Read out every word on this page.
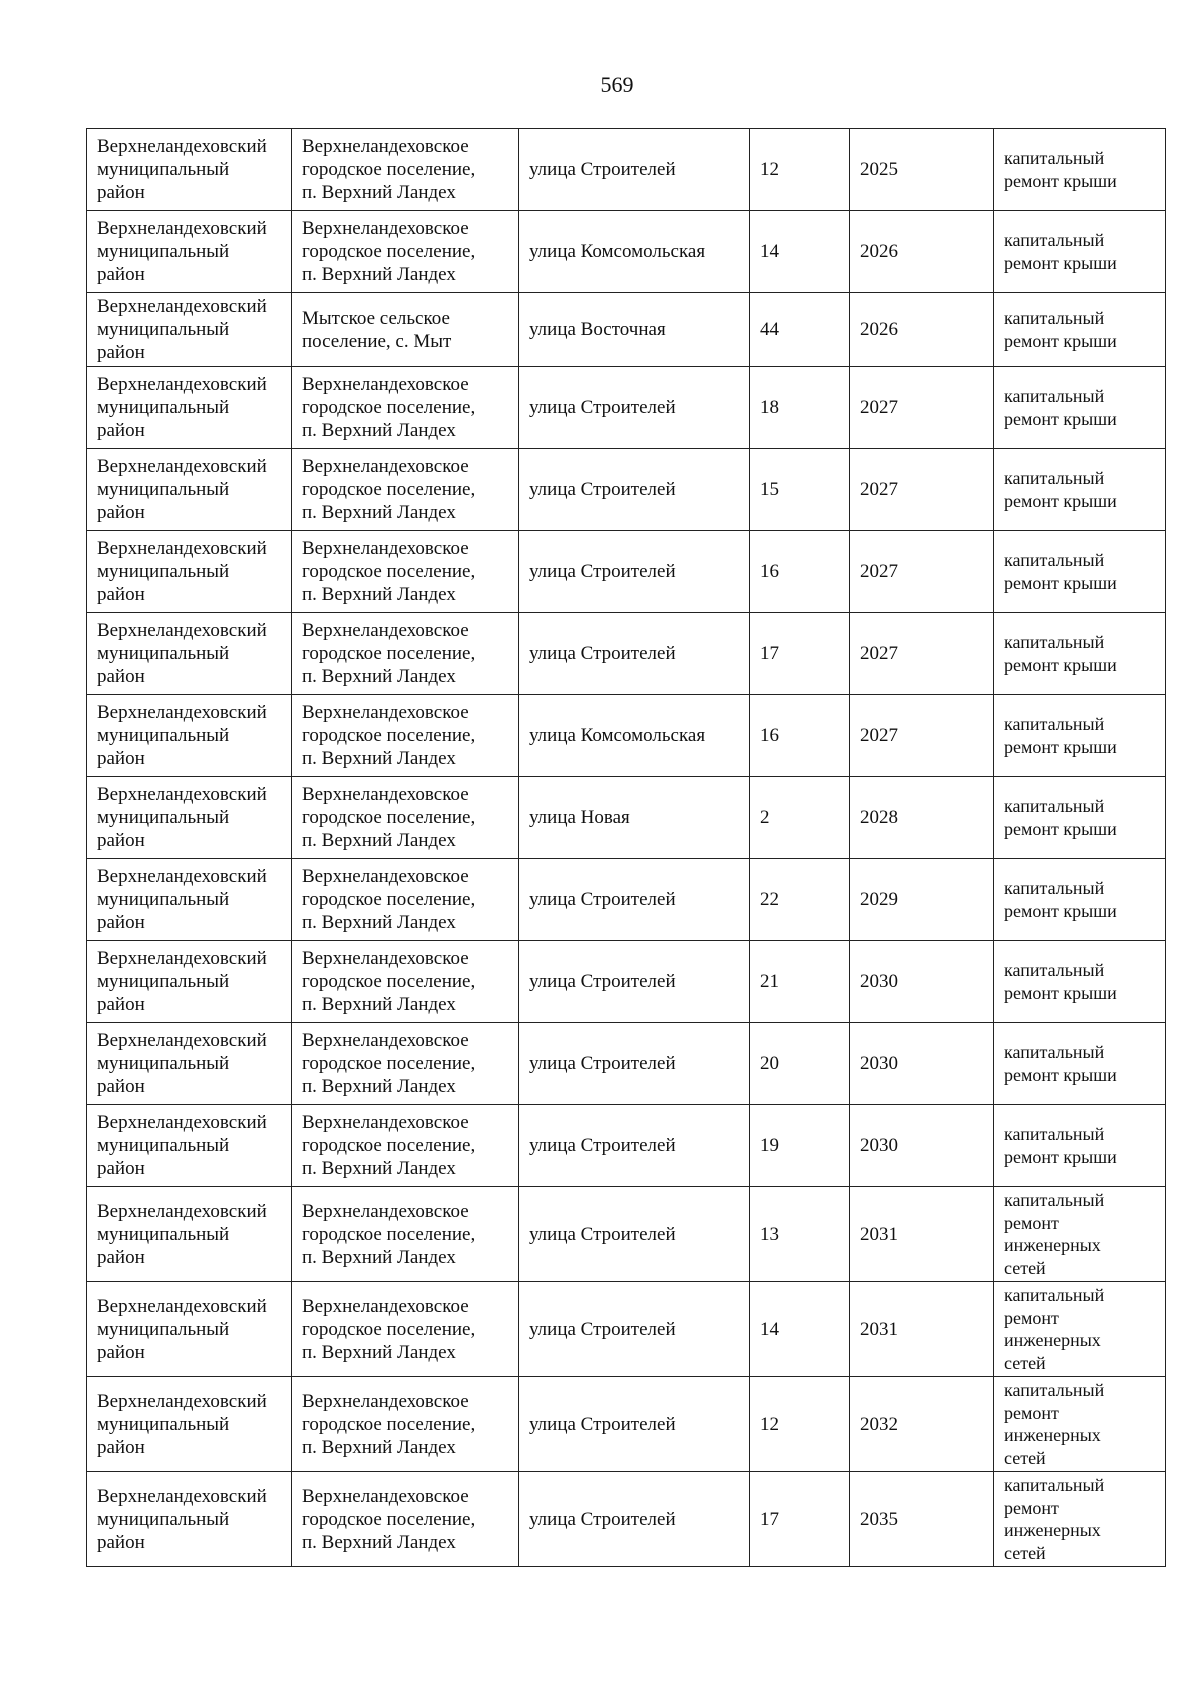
569
Верхнеландеховский
муниципальный
район	Верхнеландеховское
городское поселение,
п. Верхний Ландех	улица Строителей	12	2025	капитальный
ремонт крыши
Верхнеландеховский
муниципальный
район	Верхнеландеховское
городское поселение,
п. Верхний Ландех	улица Комсомольская	14	2026	капитальный
ремонт крыши
Верхнеландеховский
муниципальный
район	Мытское сельское
поселение, с. Мыт	улица Восточная	44	2026	капитальный
ремонт крыши
Верхнеландеховский
муниципальный
район	Верхнеландеховское
городское поселение,
п. Верхний Ландех	улица Строителей	18	2027	капитальный
ремонт крыши
Верхнеландеховский
муниципальный
район	Верхнеландеховское
городское поселение,
п. Верхний Ландех	улица Строителей	15	2027	капитальный
ремонт крыши
Верхнеландеховский
муниципальный
район	Верхнеландеховское
городское поселение,
п. Верхний Ландех	улица Строителей	16	2027	капитальный
ремонт крыши
Верхнеландеховский
муниципальный
район	Верхнеландеховское
городское поселение,
п. Верхний Ландех	улица Строителей	17	2027	капитальный
ремонт крыши
Верхнеландеховский
муниципальный
район	Верхнеландеховское
городское поселение,
п. Верхний Ландех	улица Комсомольская	16	2027	капитальный
ремонт крыши
Верхнеландеховский
муниципальный
район	Верхнеландеховское
городское поселение,
п. Верхний Ландех	улица Новая	2	2028	капитальный
ремонт крыши
Верхнеландеховский
муниципальный
район	Верхнеландеховское
городское поселение,
п. Верхний Ландех	улица Строителей	22	2029	капитальный
ремонт крыши
Верхнеландеховский
муниципальный
район	Верхнеландеховское
городское поселение,
п. Верхний Ландех	улица Строителей	21	2030	капитальный
ремонт крыши
Верхнеландеховский
муниципальный
район	Верхнеландеховское
городское поселение,
п. Верхний Ландех	улица Строителей	20	2030	капитальный
ремонт крыши
Верхнеландеховский
муниципальный
район	Верхнеландеховское
городское поселение,
п. Верхний Ландех	улица Строителей	19	2030	капитальный
ремонт крыши
Верхнеландеховский
муниципальный
район	Верхнеландеховское
городское поселение,
п. Верхний Ландех	улица Строителей	13	2031	капитальный
ремонт
инженерных
сетей
Верхнеландеховский
муниципальный
район	Верхнеландеховское
городское поселение,
п. Верхний Ландех	улица Строителей	14	2031	капитальный
ремонт
инженерных
сетей
Верхнеландеховский
муниципальный
район	Верхнеландеховское
городское поселение,
п. Верхний Ландех	улица Строителей	12	2032	капитальный
ремонт
инженерных
сетей
Верхнеландеховский
муниципальный
район	Верхнеландеховское
городское поселение,
п. Верхний Ландех	улица Строителей	17	2035	капитальный
ремонт
инженерных
сетей
